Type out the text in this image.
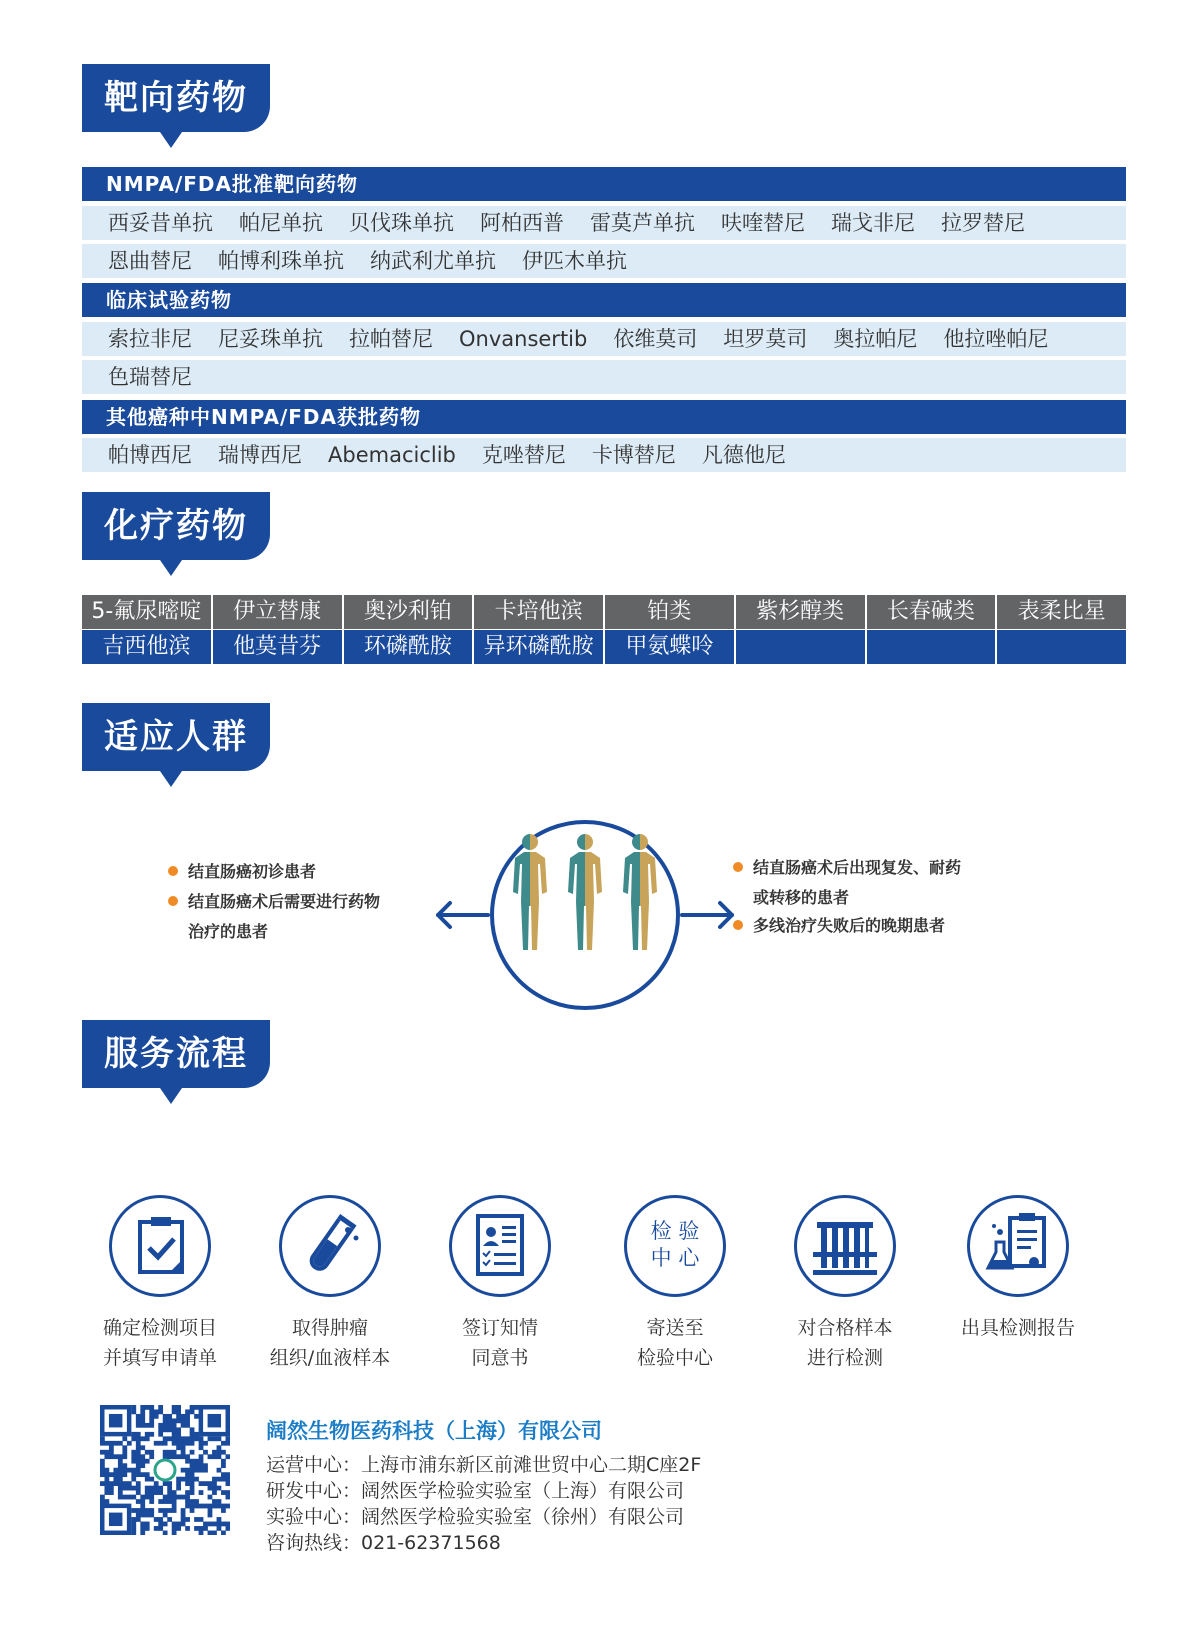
靶向药物
NMPA/FDA批准靶向药物
西妥昔单抗 帕尼单抗 贝伐珠单抗 阿柏西普 雷莫芦单抗 呋喹替尼 瑞戈非尼 拉罗替尼
恩曲替尼 帕博利珠单抗 纳武利尤单抗 伊匹木单抗
临床试验药物
索拉非尼 尼妥珠单抗 拉帕替尼 Onvansertib 依维莫司 坦罗莫司 奥拉帕尼 他拉唑帕尼
色瑞替尼
其他癌种中NMPA/FDA获批药物
帕博西尼 瑞博西尼 Abemaciclib 克唑替尼 卡博替尼 凡德他尼
化疗药物
5-氟尿嘧啶	伊立替康	奥沙利铂	卡培他滨	铂类	紫杉醇类	长春碱类	表柔比星
吉西他滨	他莫昔芬	环磷酰胺	异环磷酰胺	甲氨蝶呤
适应人群
结直肠癌初诊患者
结直肠癌术后需要进行药物
治疗的患者
结直肠癌术后出现复发、耐药
或转移的患者
多线治疗失败后的晚期患者
服务流程
确定检测项目
并填写申请单
取得肿瘤
组织/血液样本
签订知情
同意书
检 验
中 心
寄送至
检验中心
对合格样本
进行检测
出具检测报告
阔然生物医药科技（上海）有限公司
运营中心：上海市浦东新区前滩世贸中心二期C座2F
研发中心：阔然医学检验实验室（上海）有限公司
实验中心：阔然医学检验实验室（徐州）有限公司
咨询热线：021-62371568
